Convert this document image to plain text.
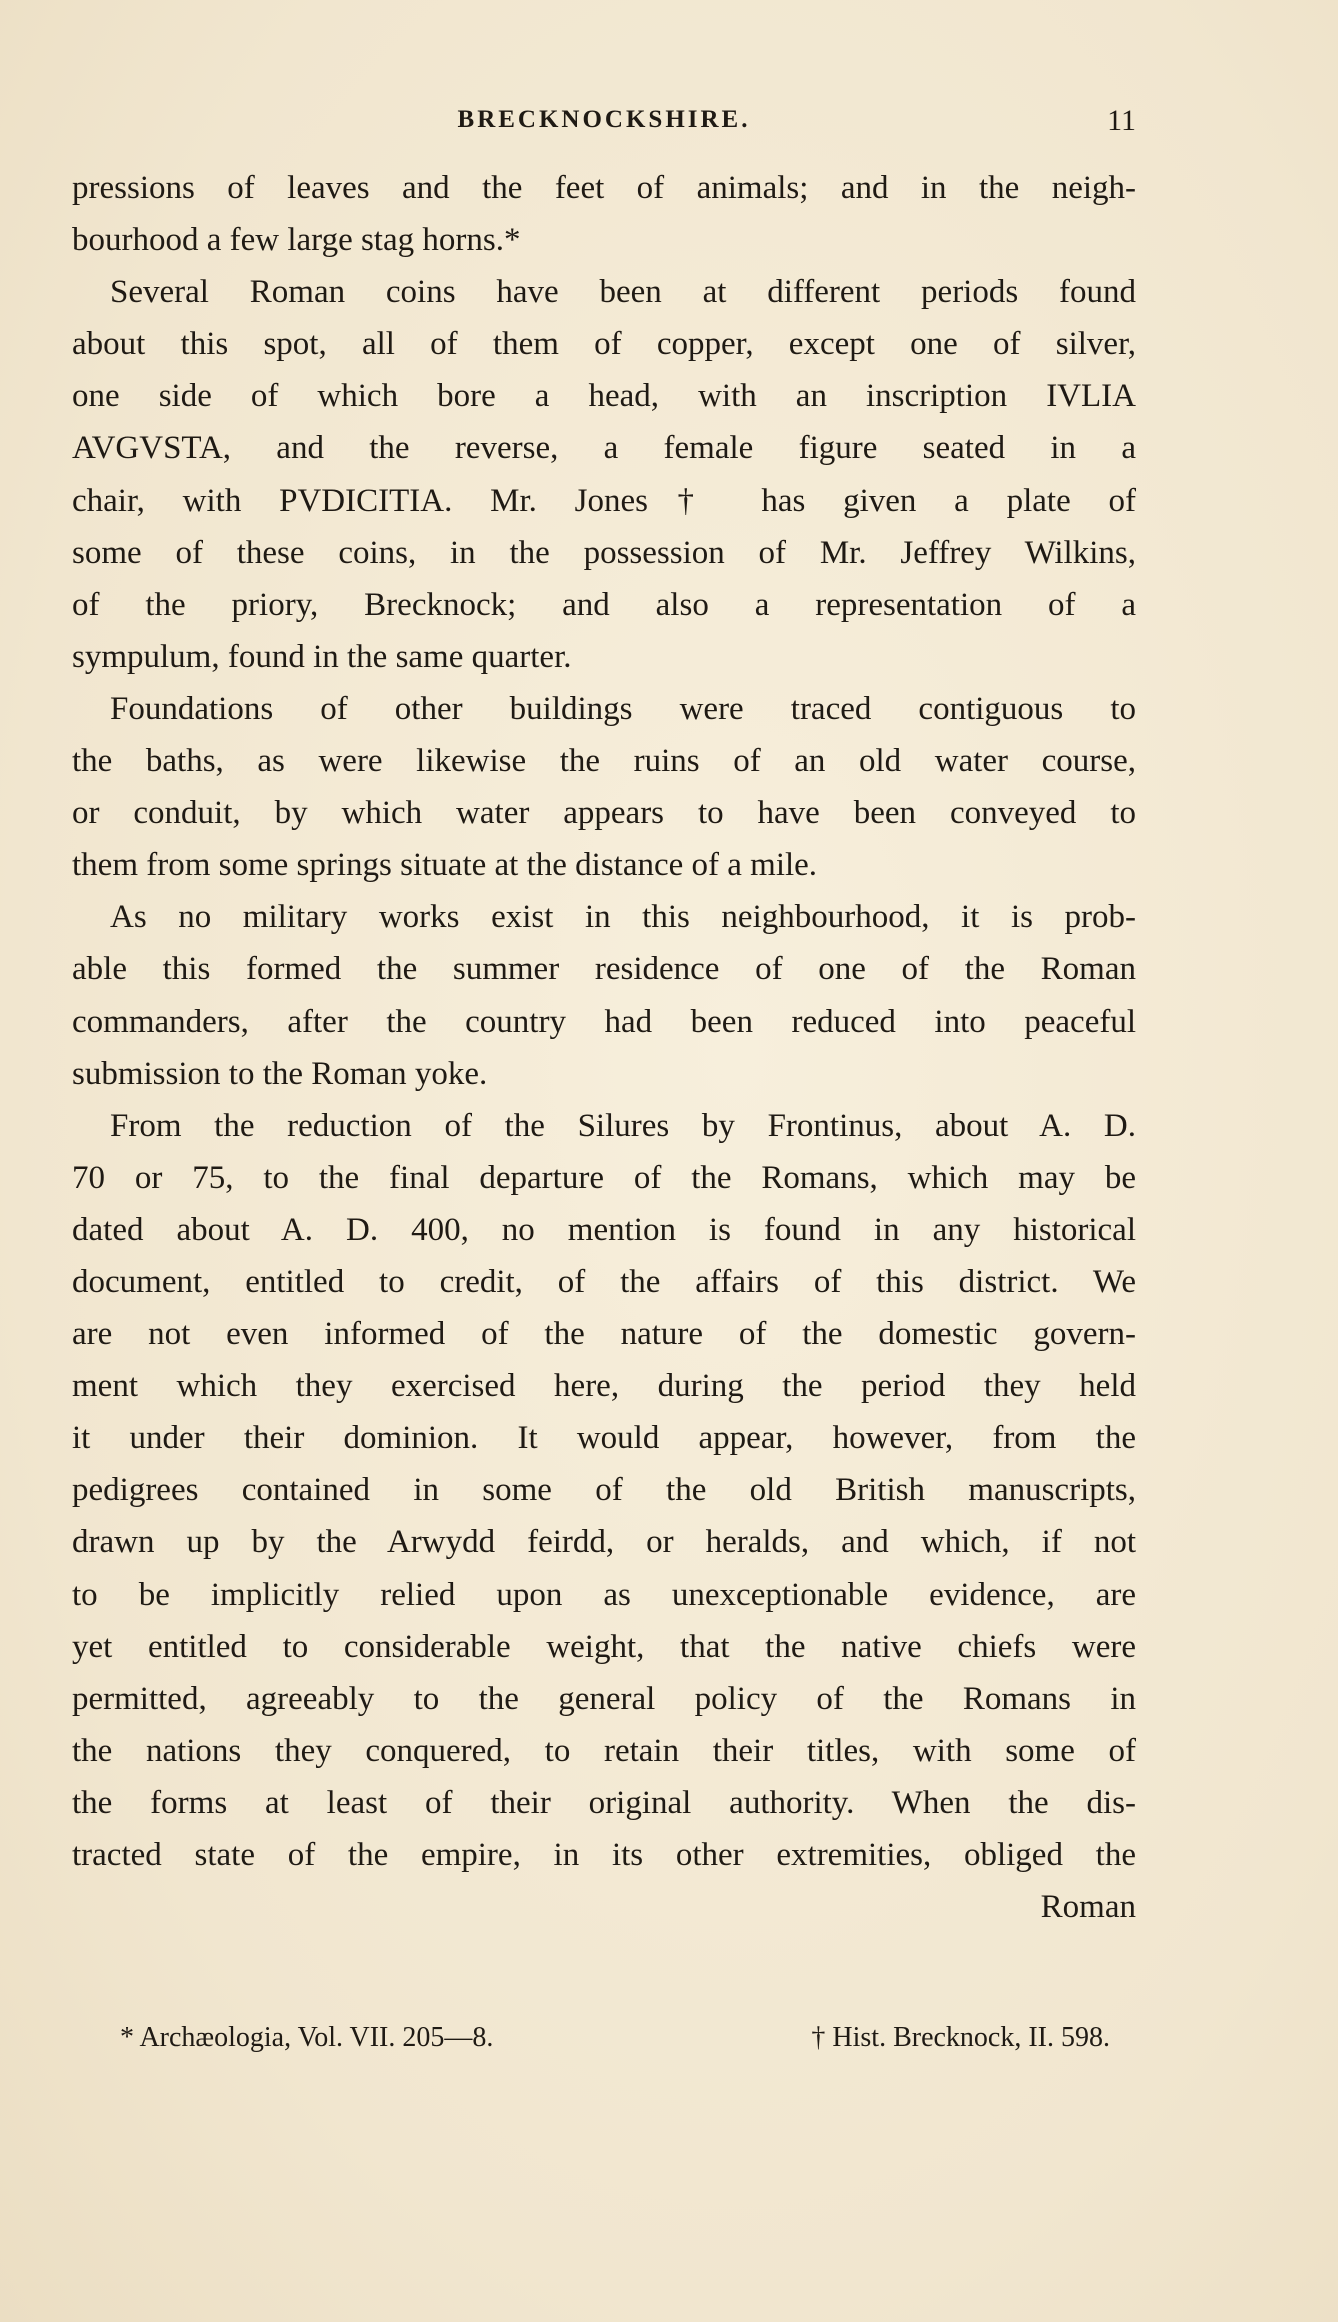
BRECKNOCKSHIRE.	11
pressions of leaves and the feet of animals; and in the neigh-
bourhood a few large stag horns.*
Several Roman coins have been at different periods found
about this spot, all of them of copper, except one of silver,
one side of which bore a head, with an inscription IVLIA
AVGVSTA, and the reverse, a female figure seated in a
chair, with PVDICITIA. Mr. Jones† has given a plate of
some of these coins, in the possession of Mr. Jeffrey Wilkins,
of the priory, Brecknock; and also a representation of a
sympulum, found in the same quarter.
Foundations of other buildings were traced contiguous to
the baths, as were likewise the ruins of an old water course,
or conduit, by which water appears to have been conveyed to
them from some springs situate at the distance of a mile.
As no military works exist in this neighbourhood, it is prob-
able this formed the summer residence of one of the Roman
commanders, after the country had been reduced into peaceful
submission to the Roman yoke.
From the reduction of the Silures by Frontinus, about A. D.
70 or 75, to the final departure of the Romans, which may be
dated about A. D. 400, no mention is found in any historical
document, entitled to credit, of the affairs of this district. We
are not even informed of the nature of the domestic govern-
ment which they exercised here, during the period they held
it under their dominion. It would appear, however, from the
pedigrees contained in some of the old British manuscripts,
drawn up by the Arwydd feirdd, or heralds, and which, if not
to be implicitly relied upon as unexceptionable evidence, are
yet entitled to considerable weight, that the native chiefs were
permitted, agreeably to the general policy of the Romans in
the nations they conquered, to retain their titles, with some of
the forms at least of their original authority. When the dis-
tracted state of the empire, in its other extremities, obliged the
Roman
* Archæologia, Vol. VII. 205—8.	† Hist. Brecknock, II. 598.
